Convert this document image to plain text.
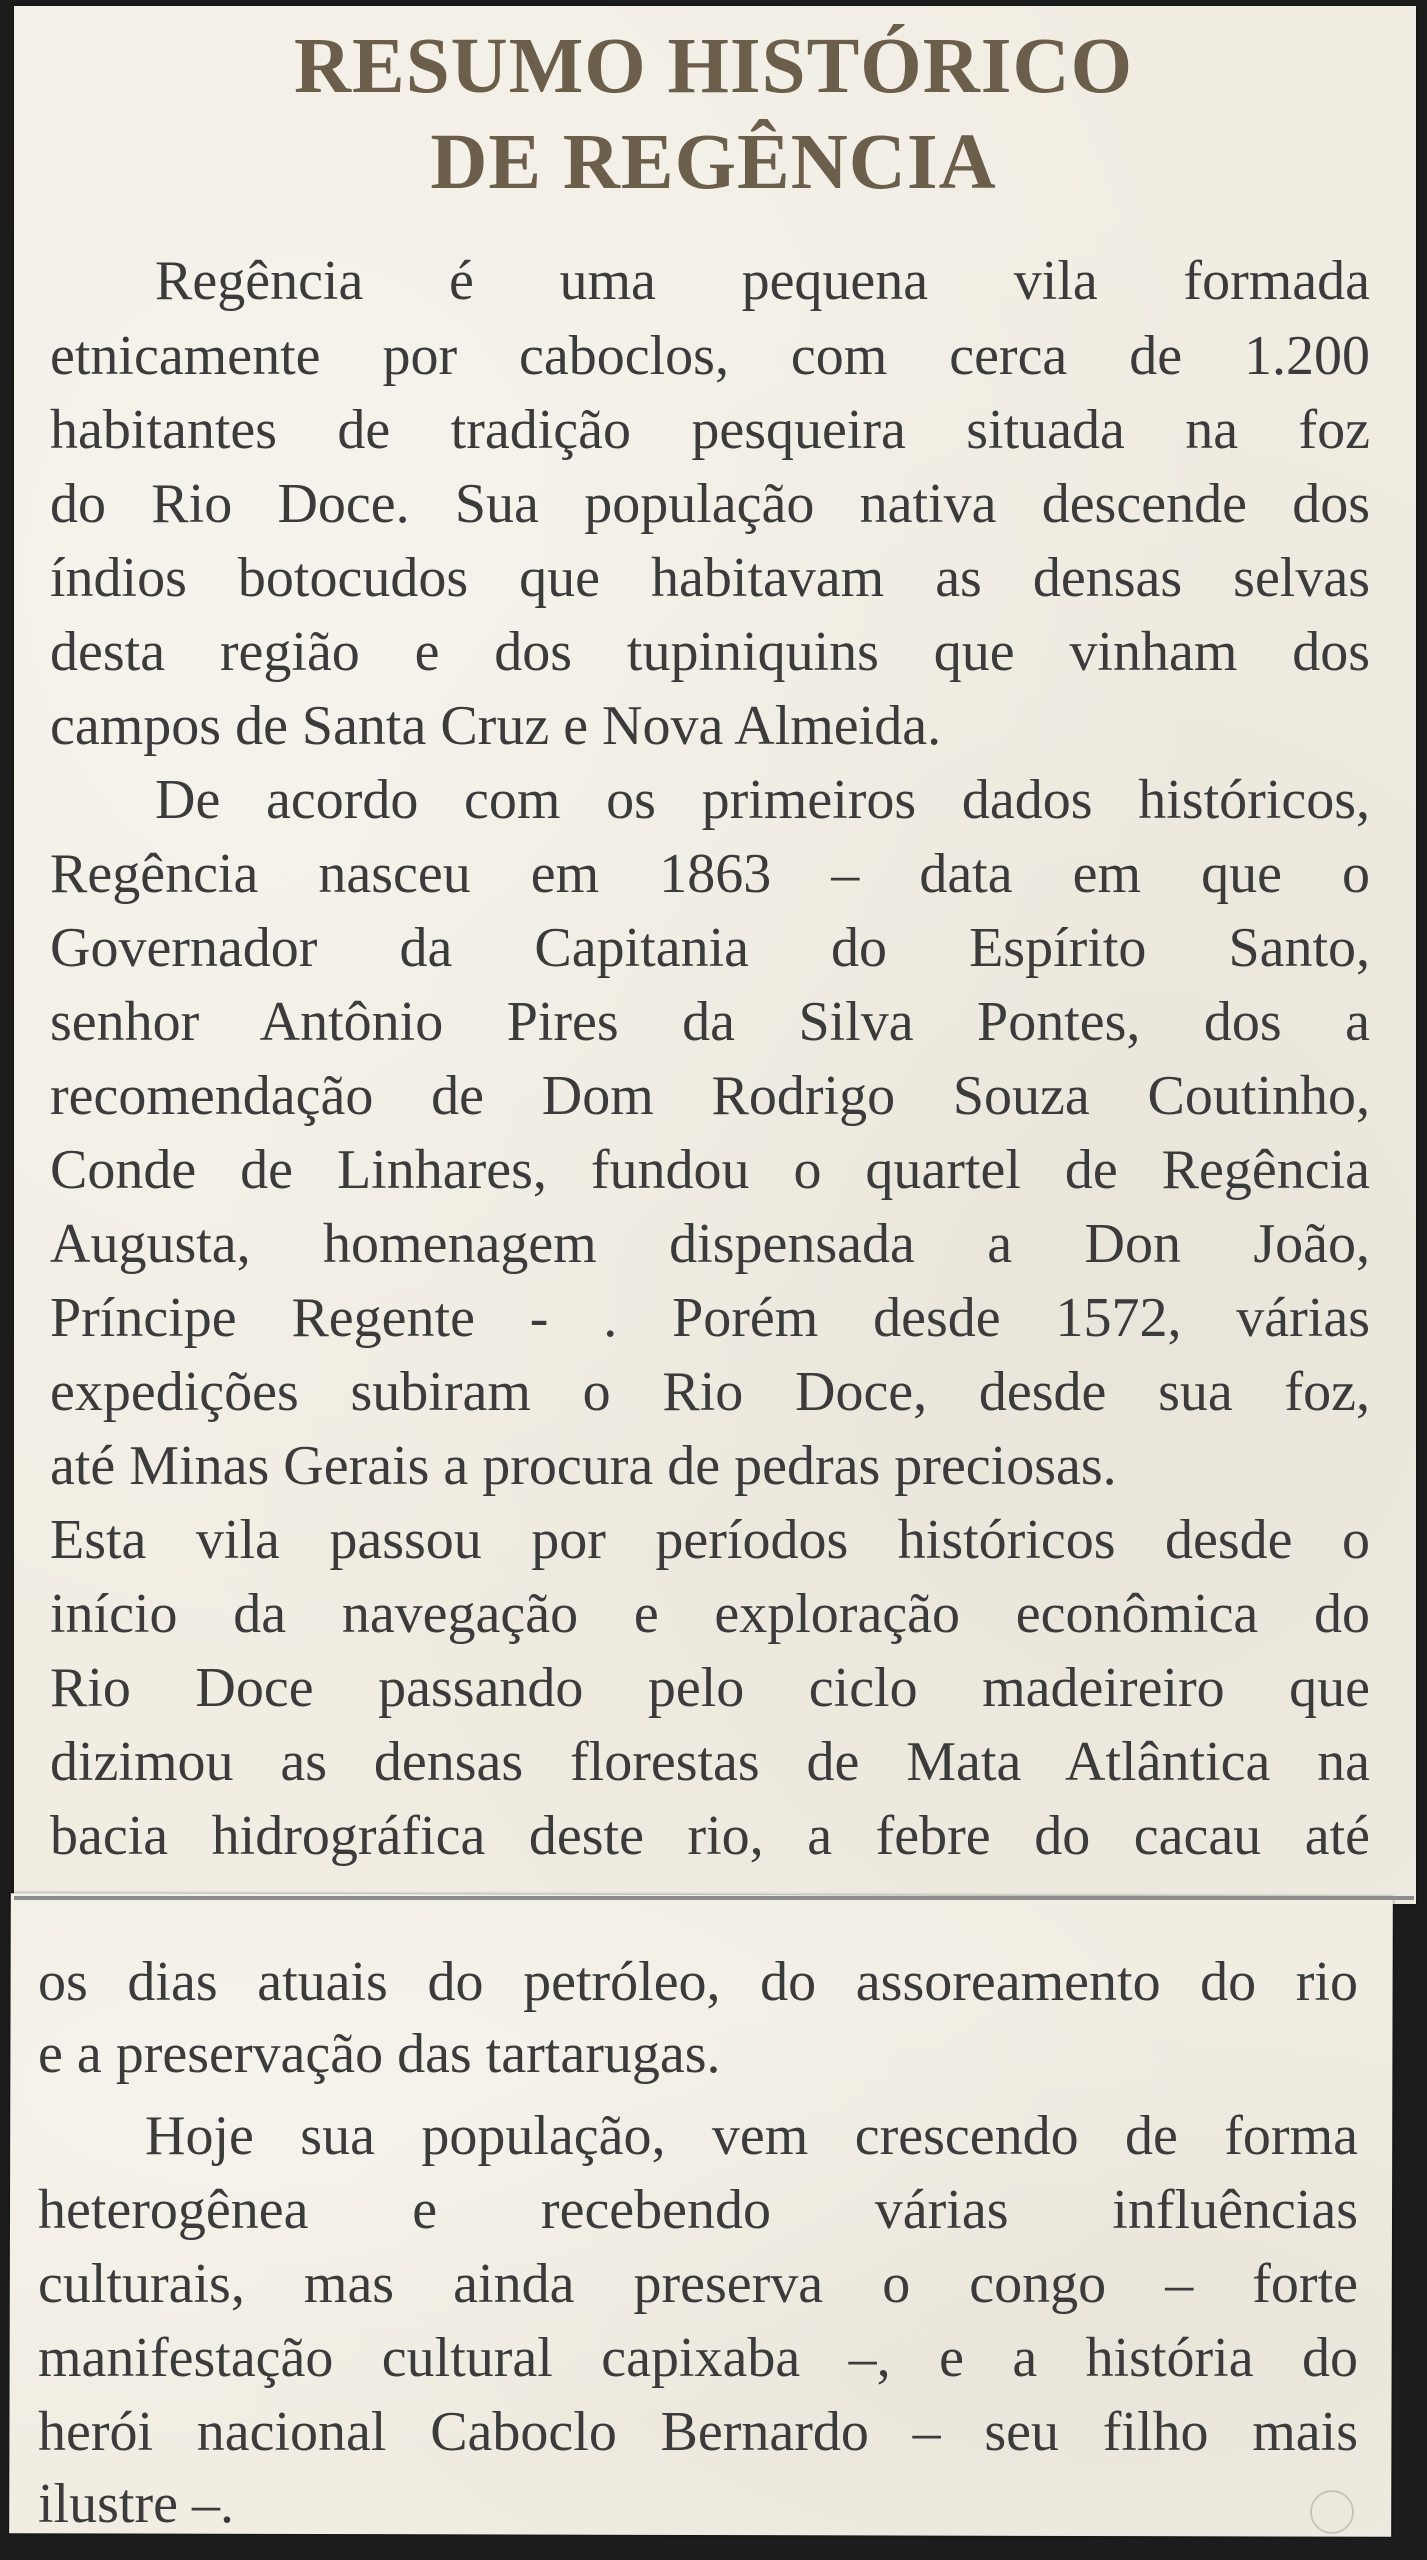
RESUMO HISTÓRICO
DE REGÊNCIA
Regência é uma pequena vila formada
etnicamente por caboclos, com cerca de 1.200
habitantes de tradição pesqueira situada na foz
do Rio Doce. Sua população nativa descende dos
índios botocudos que habitavam as densas selvas
desta região e dos tupiniquins que vinham dos
campos de Santa Cruz e Nova Almeida.
De acordo com os primeiros dados históricos,
Regência nasceu em 1863 – data em que o
Governador da Capitania do Espírito Santo,
senhor Antônio Pires da Silva Pontes, dos a
recomendação de Dom Rodrigo Souza Coutinho,
Conde de Linhares, fundou o quartel de Regência
Augusta, homenagem dispensada a Don João,
Príncipe Regente - . Porém desde 1572, várias
expedições subiram o Rio Doce, desde sua foz,
até Minas Gerais a procura de pedras preciosas.
Esta vila passou por períodos históricos desde o
início da navegação e exploração econômica do
Rio Doce passando pelo ciclo madeireiro que
dizimou as densas florestas de Mata Atlântica na
bacia hidrográfica deste rio, a febre do cacau até
os dias atuais do petróleo, do assoreamento do rio
e a preservação das tartarugas.
Hoje sua população, vem crescendo de forma
heterogênea e recebendo várias influências
culturais, mas ainda preserva o congo – forte
manifestação cultural capixaba –, e a história do
herói nacional Caboclo Bernardo – seu filho mais
ilustre –.
